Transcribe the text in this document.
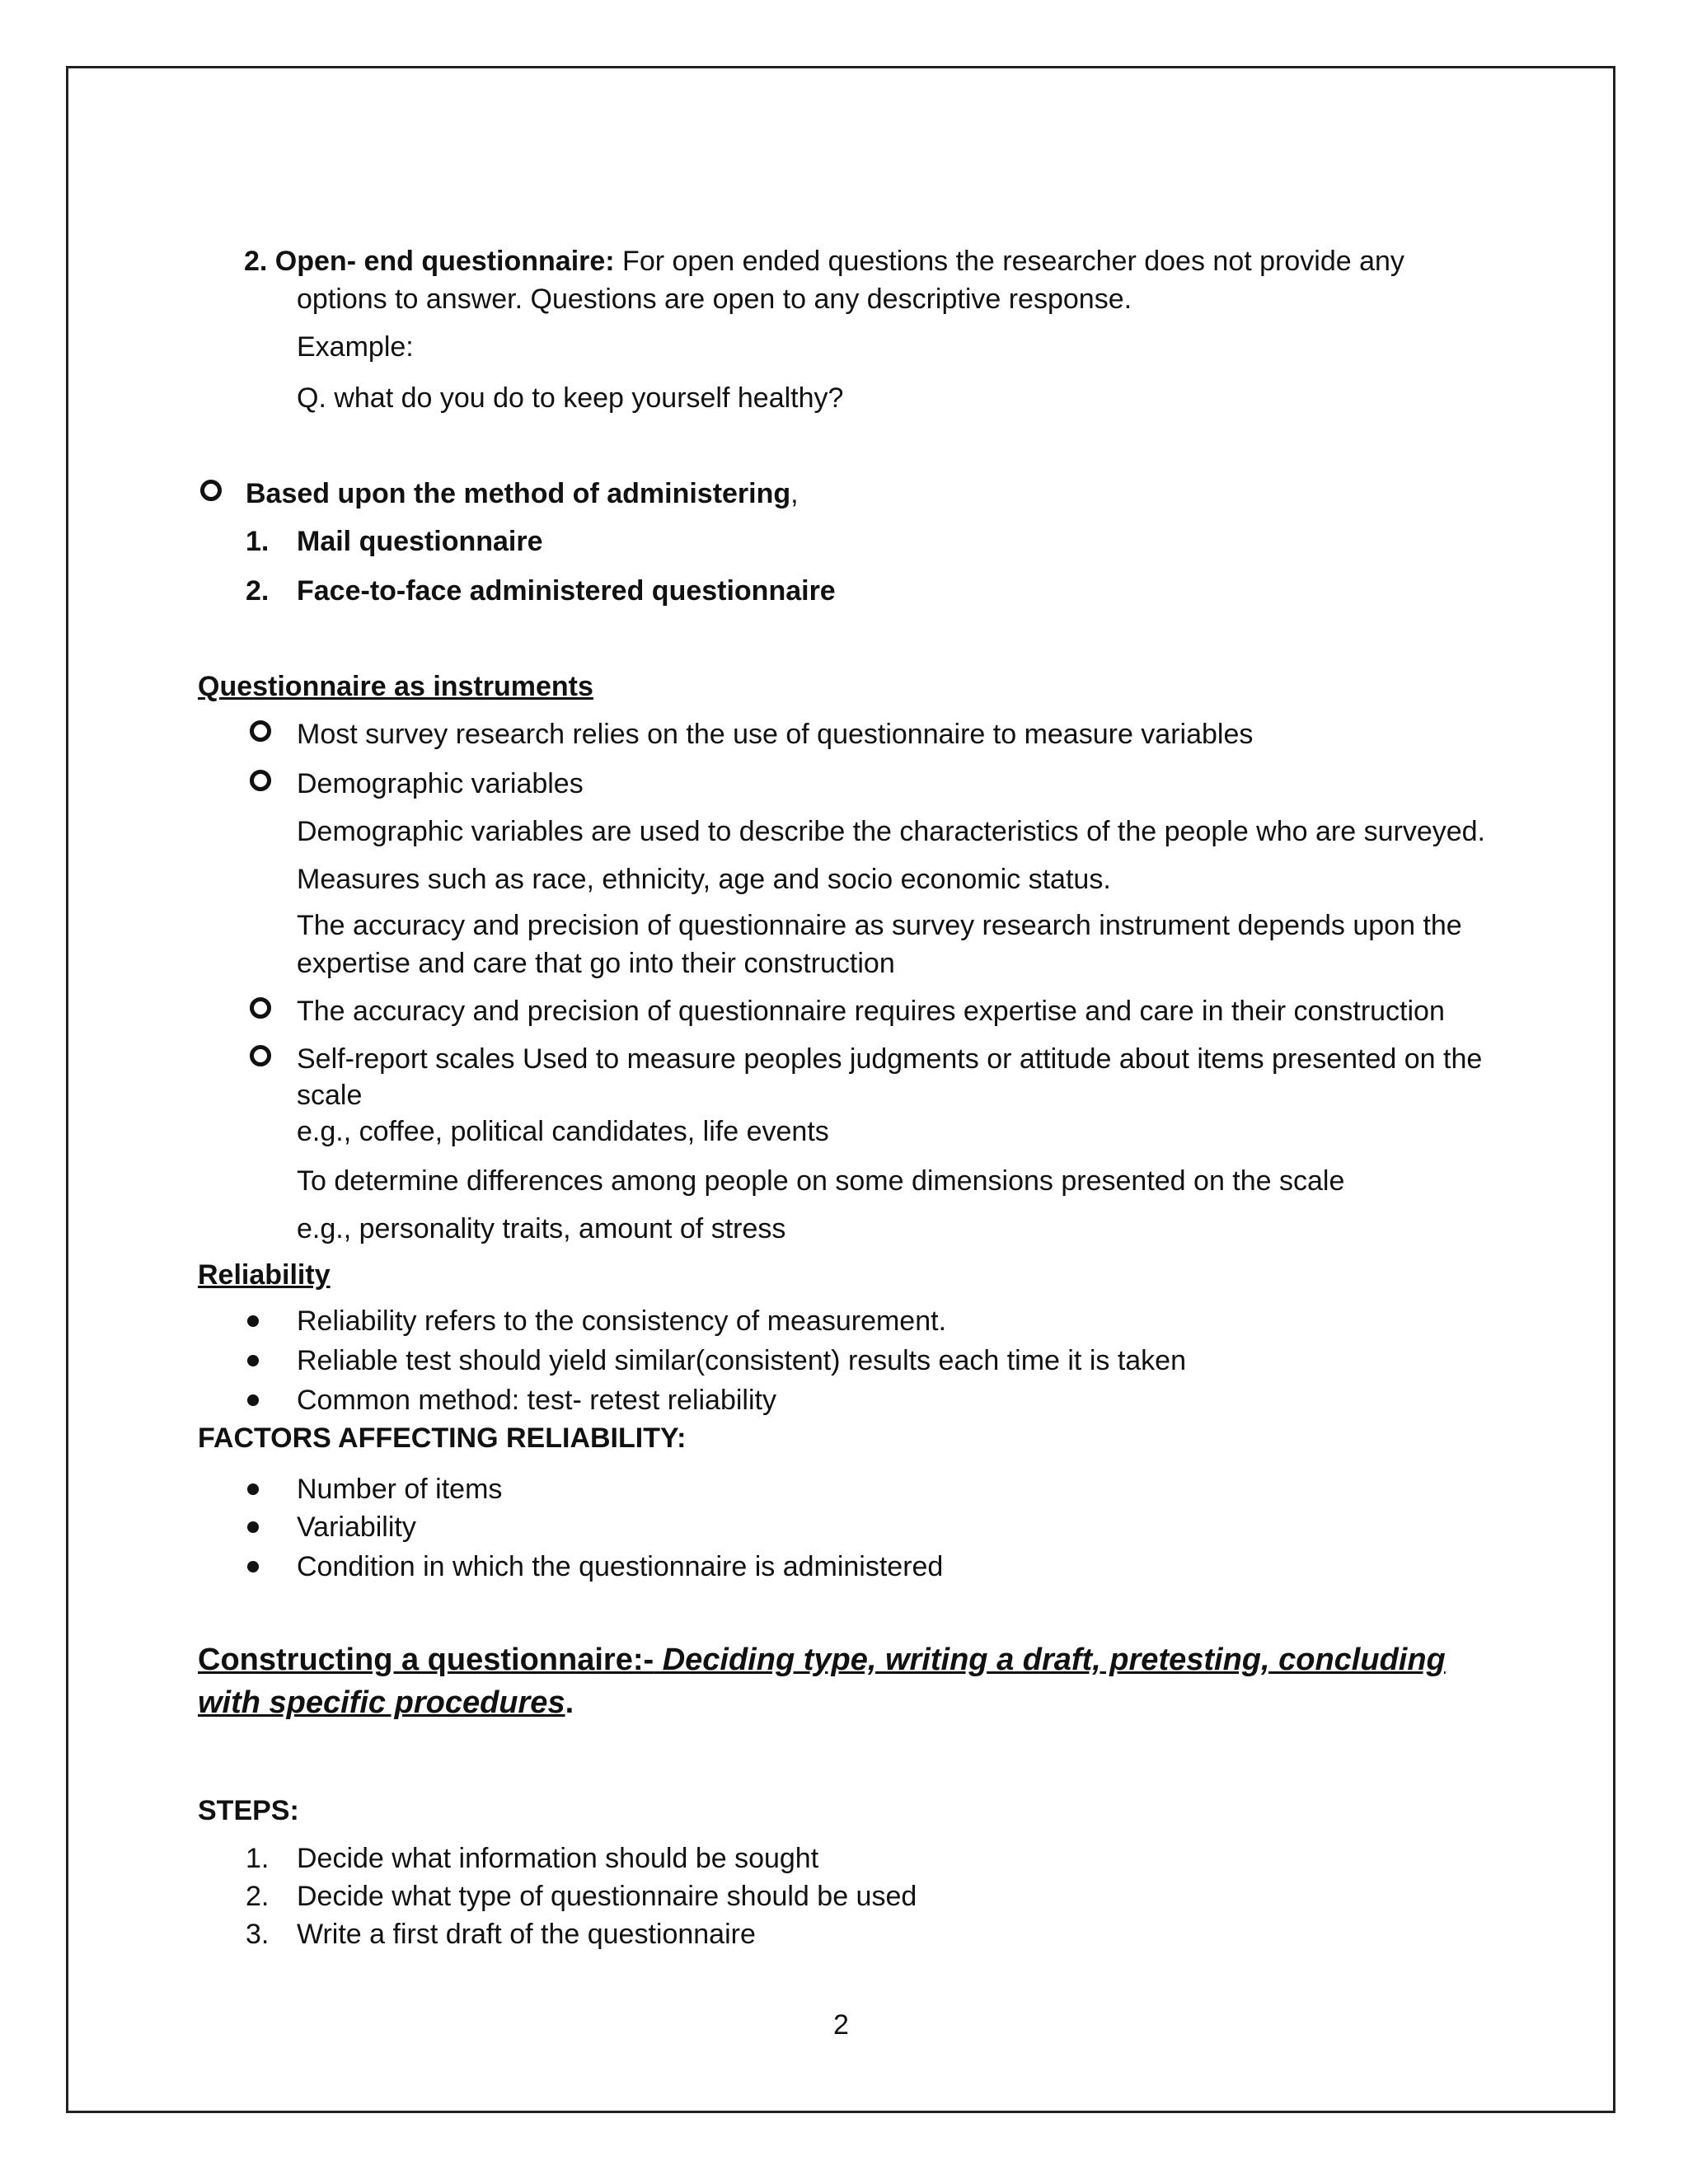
2. Open- end questionnaire: For open ended questions the researcher does not provide any
options to answer. Questions are open to any descriptive response.
Example:
Q. what do you do to keep yourself healthy?
Based upon the method of administering,
1. Mail questionnaire
2. Face-to-face administered questionnaire
Questionnaire as instruments
Most survey research relies on the use of questionnaire to measure variables
Demographic variables
Demographic variables are used to describe the characteristics of the people who are surveyed.
Measures such as race, ethnicity, age and socio economic status.
The accuracy and precision of questionnaire as survey research instrument depends upon the
expertise and care that go into their construction
The accuracy and precision of questionnaire requires expertise and care in their construction
Self-report scales Used to measure peoples judgments or attitude about items presented on the
scale
e.g., coffee, political candidates, life events
To determine differences among people on some dimensions presented on the scale
e.g., personality traits, amount of stress
Reliability
Reliability refers to the consistency of measurement.
Reliable test should yield similar(consistent) results each time it is taken
Common method: test- retest reliability
FACTORS AFFECTING RELIABILITY:
Number of items
Variability
Condition in which the questionnaire is administered
Constructing a questionnaire:- Deciding type, writing a draft, pretesting, concluding
with specific procedures.
STEPS:
1. Decide what information should be sought
2. Decide what type of questionnaire should be used
3. Write a first draft of the questionnaire
2
